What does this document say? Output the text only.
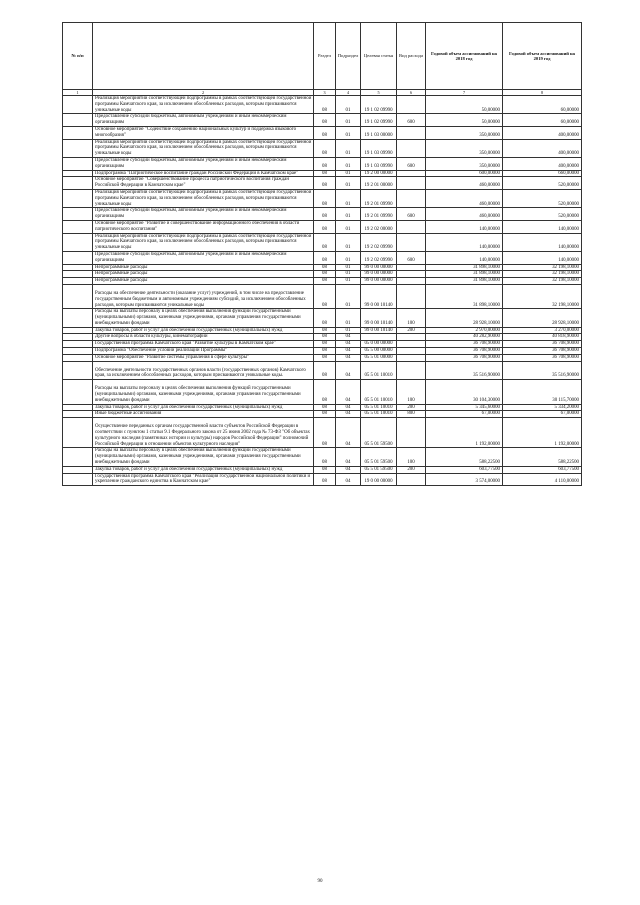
№ п/п		Раздел	Подраздел	Целевая статья	Вид расхода	Годовой объем ассигнований на 2018 год	Годовой объем ассигнований на 2019 год
1	2	3	4	5	6	7	8
	Реализация мероприятий соответствующей подпрограммы в рамках соответствующей государственной программы Камчатского края, за исключением обособленных расходов, которым присваиваются уникальные коды	08	01	19 1 02 09990		50,00000	60,00000
	Предоставление субсидий бюджетным, автономным учреждениям и иным некоммерческим организациям	08	01	19 1 02 09990	600	50,00000	60,00000
	Основное мероприятие "Содействие сохранению национальных культур и поддержка языкового многообразия"	08	01	19 1 03 00000		350,00000	400,00000
	Реализация мероприятий соответствующей подпрограммы в рамках соответствующей государственной программы Камчатского края, за исключением обособленных расходов, которым присваиваются уникальные коды	08	01	19 1 03 09990		350,00000	400,00000
	Предоставление субсидий бюджетным, автономным учреждениям и иным некоммерческим организациям	08	01	19 1 03 09990	600	350,00000	400,00000
	Подпрограмма "Патриотическое воспитание граждан Российской Федерации в Камчатском крае"	08	01	19 2 00 00000		600,00000	660,00000
	Основное мероприятие "Совершенствование процесса патриотического воспитания граждан Российской Федерации в Камчатском крае"	08	01	19 2 01 00000		460,00000	520,00000
	Реализация мероприятий соответствующей подпрограммы в рамках соответствующей государственной программы Камчатского края, за исключением обособленных расходов, которым присваиваются уникальные коды	08	01	19 2 01 09990		460,00000	520,00000
	Предоставление субсидий бюджетным, автономным учреждениям и иным некоммерческим организациям	08	01	19 2 01 09990	600	460,00000	520,00000
	Основное мероприятие "Развитие и совершенствование информационного обеспечения в области патриотического воспитания"	08	01	19 2 02 00000		140,00000	140,00000
	Реализация мероприятий соответствующей подпрограммы в рамках соответствующей государственной программы Камчатского края, за исключением обособленных расходов, которым присваиваются уникальные коды	08	01	19 2 02 09990		140,00000	140,00000
	Предоставление субсидий бюджетным, автономным учреждениям и иным некоммерческим организациям	08	01	19 2 02 09990	600	140,00000	140,00000
	Непрограммные расходы	08	01	99 0 00 00000		31 898,10000	32 198,10000
	Непрограммные расходы	08	01	99 0 00 00000		31 898,10000	32 198,10000
	Непрограммные расходы	08	01	99 0 00 00000		31 898,10000	32 198,10000
	Расходы на обеспечение деятельности (оказание услуг) учреждений, в том числе на предоставление государственным бюджетным и автономным учреждениям субсидий, за исключением обособленных расходов, которым присваиваются уникальные коды	08	01	99 0 00 10140		31 898,10000	32 198,10000
	Расходы на выплаты персоналу в целях обеспечения выполнения функций государственными (муниципальными) органами, казенными учреждениями, органами управления государственными внебюджетными фондами	08	01	99 0 00 10140	100	28 928,10000	28 928,10000
	Закупка товаров, работ и услуг для обеспечения государственных (муниципальных) нужд	08	01	99 0 00 10140	200	2 970,00000	3 270,00000
	Другие вопросы в области культуры, кинематографии	08	04			40 282,90000	40 818,90000
	Государственная программа Камчатского края "Развитие культуры в Камчатском крае"	08	04	05 0 00 00000		36 708,90000	36 708,90000
	Подпрограмма "Обеспечение условий реализации Программы"	08	04	05 5 00 00000		36 708,90000	36 708,90000
	Основное мероприятие "Развитие системы управления в сфере культуры"	08	04	05 5 01 00000		36 708,90000	36 708,90000
	Обеспечение деятельности государственных органов власти (государственных органов) Камчатского края, за исключением обособленных расходов, которым присваиваются уникальные коды.	08	04	05 5 01 10010		35 516,90000	35 516,90000
	Расходы на выплаты персоналу в целях обеспечения выполнения функций государственными (муниципальными) органами, казенными учреждениями, органами управления государственными внебюджетными фондами	08	04	05 5 01 10010	100	30 104,30000	30 115,70000
	Закупка товаров, работ и услуг для обеспечения государственных (муниципальных) нужд	08	04	05 5 01 10010	200	5 345,60000	5 334,20000
	Иные бюджетные ассигнования	08	04	05 5 01 10010	800	67,00000	67,00000
	Осуществление переданных органам государственной власти субъектов Российской Федерации в соответствии с пунктом 1 статьи 9.1 Федерального закона от 25 июня 2002 года № 73-ФЗ "Об объектах культурного наследия (памятниках истории и культуры) народов Российской Федерации" полномочий Российской Федерации в отношении объектов культурного наследия"	08	04	05 5 01 59500		1 192,00000	1 192,00000
	Расходы на выплаты персоналу в целях обеспечения выполнения функций государственными (муниципальными) органами, казенными учреждениями, органами управления государственными внебюджетными фондами	08	04	05 5 01 59500	100	588,22500	588,22500
	Закупка товаров, работ и услуг для обеспечения государственных (муниципальных) нужд	08	04	05 5 01 59500	200	603,77500	603,77500
	Государственная программа Камчатского края "Реализация государственной национальной политики и укрепление гражданского единства в Камчатском крае"	08	04	19 0 00 00000		3 574,00000	4 110,00000
90
